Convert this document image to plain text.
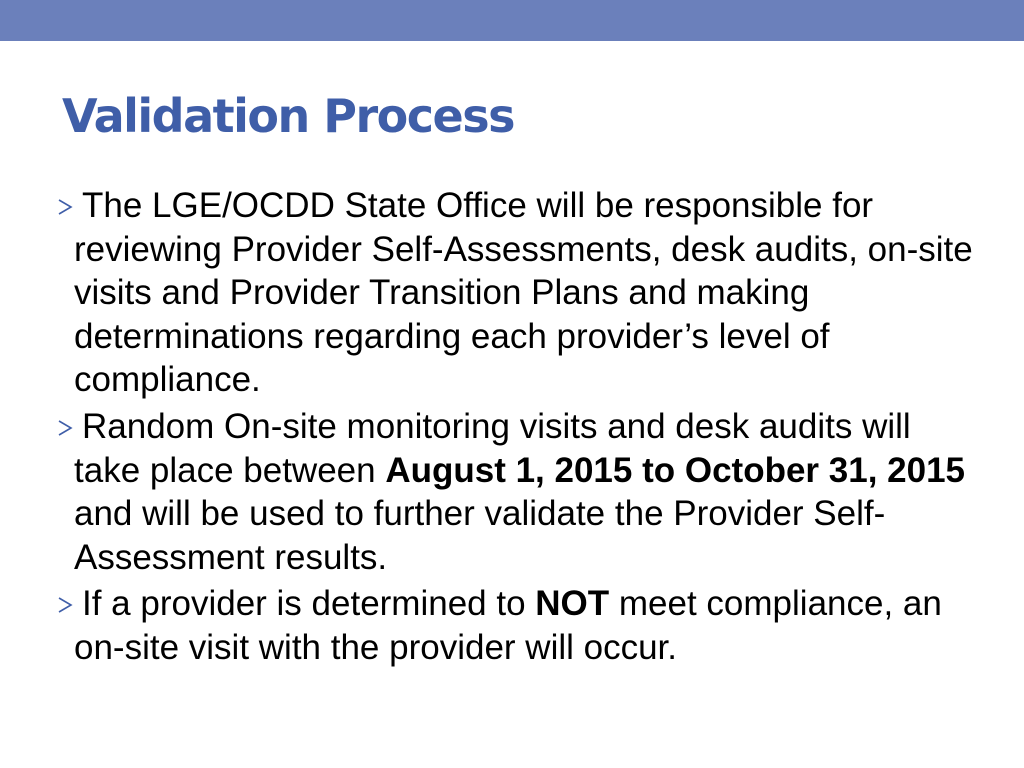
Validation Process
The LGE/OCDD State Office will be responsible for reviewing Provider Self-Assessments, desk audits, on-site visits and Provider Transition Plans and making determinations regarding each provider’s level of compliance.
Random On-site monitoring visits and desk audits will take place between August 1, 2015 to October 31, 2015 and will be used to further validate the Provider Self-Assessment results.
If a provider is determined to NOT meet compliance, an on-site visit with the provider will occur.
